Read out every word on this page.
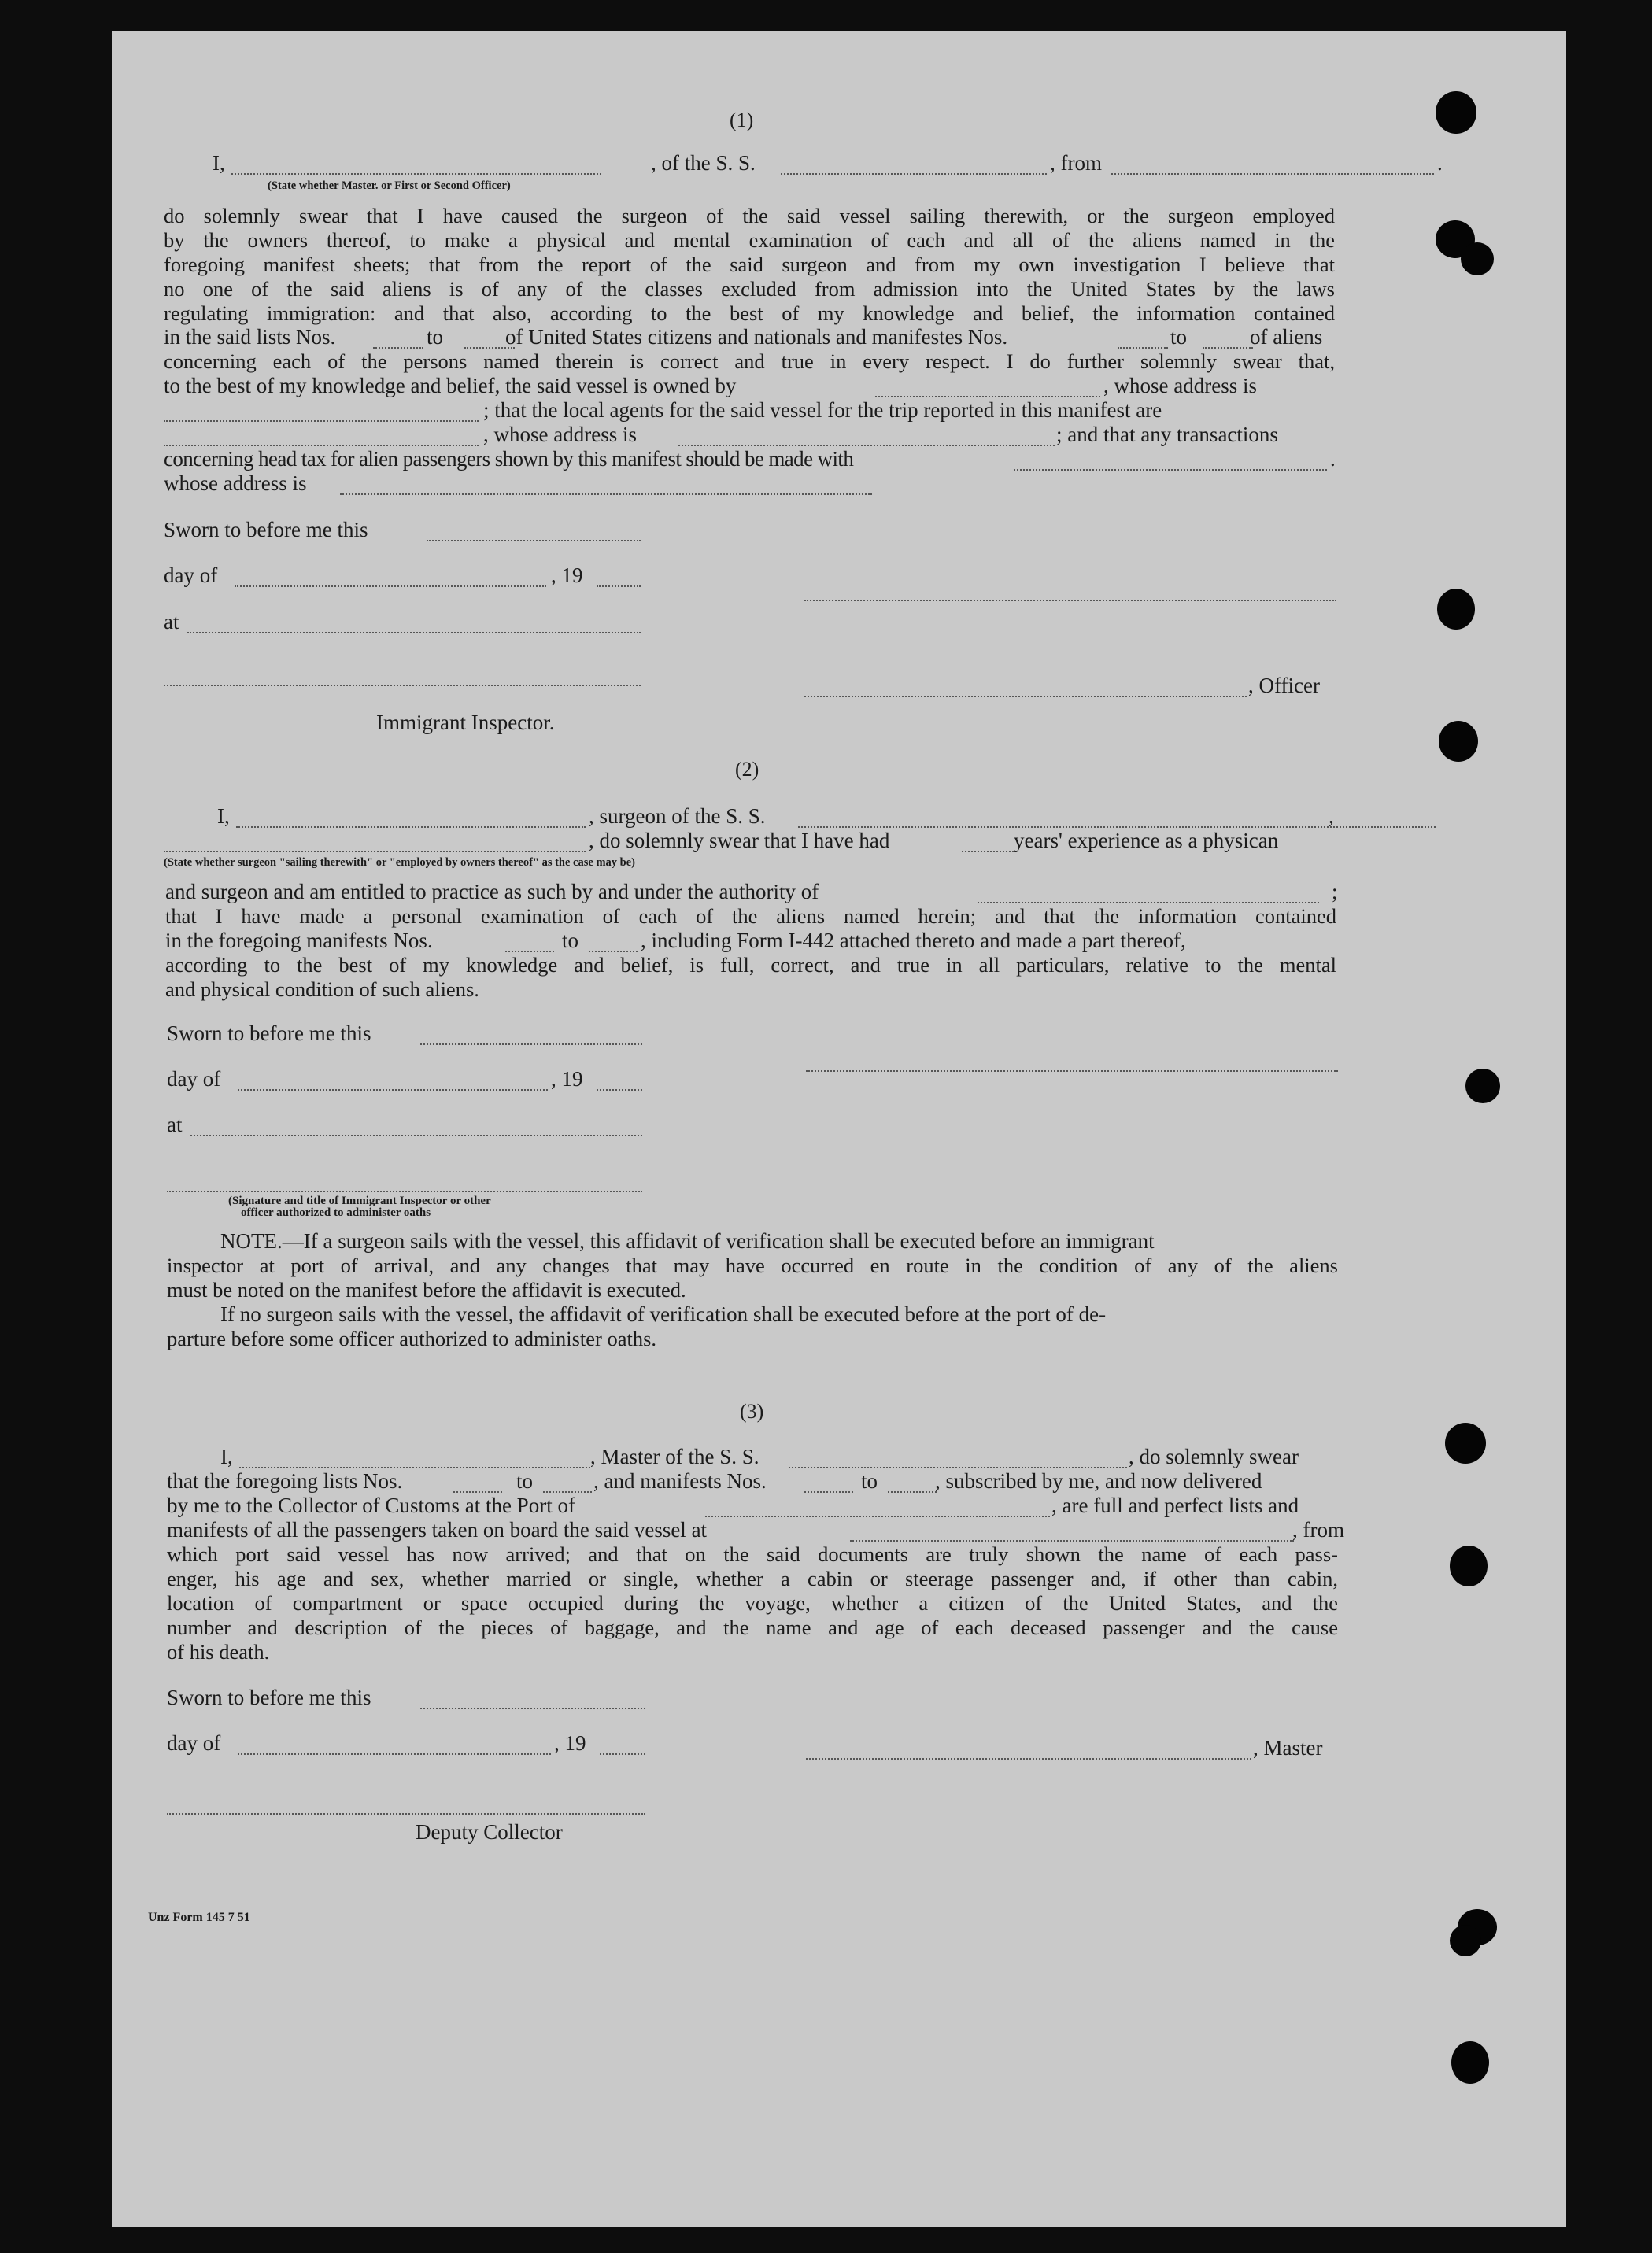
(1)
I,	, of the S. S.	, from	.
(State whether Master. or First or Second Officer)
do solemnly swear that I have caused the surgeon of the said vessel sailing therewith, or the surgeon employed
by the owners thereof, to make a physical and mental examination of each and all of the aliens named in the
foregoing manifest sheets; that from the report of the said surgeon and from my own investigation I believe that
no one of the said aliens is of any of the classes excluded from admission into the United States by the laws
regulating immigration: and that also, according to the best of my knowledge and belief, the information contained
in the said lists Nos.	to	of United States citizens and nationals and manifestes Nos.	to	of aliens
concerning each of the persons named therein is correct and true in every respect. I do further solemnly swear that,
to the best of my knowledge and belief, the said vessel is owned by	, whose address is
; that the local agents for the said vessel for the trip reported in this manifest are
, whose address is	; and that any transactions
concerning head tax for alien passengers shown by this manifest should be made with	.
whose address is
Sworn to before me this
day of	, 19
at
, Officer
Immigrant Inspector.
(2)
I,	, surgeon of the S. S.	,
, do solemnly swear that I have had	years' experience as a physican
(State whether surgeon "sailing therewith" or "employed by owners thereof" as the case may be)
and surgeon and am entitled to practice as such by and under the authority of	;
that I have made a personal examination of each of the aliens named herein; and that the information contained
in the foregoing manifests Nos.	to	, including Form I-442 attached thereto and made a part thereof,
according to the best of my knowledge and belief, is full, correct, and true in all particulars, relative to the mental
and physical condition of such aliens.
Sworn to before me this
day of	, 19
at
(Signature and title of Immigrant Inspector or other
officer authorized to administer oaths
NOTE.—If a surgeon sails with the vessel, this affidavit of verification shall be executed before an immigrant
inspector at port of arrival, and any changes that may have occurred en route in the condition of any of the aliens
must be noted on the manifest before the affidavit is executed.
If no surgeon sails with the vessel, the affidavit of verification shall be executed before at the port of de-
parture before some officer authorized to administer oaths.
(3)
I,	, Master of the S. S.	, do solemnly swear
that the foregoing lists Nos.	to	, and manifests Nos.	to	, subscribed by me, and now delivered
by me to the Collector of Customs at the Port of	, are full and perfect lists and
manifests of all the passengers taken on board the said vessel at	, from
which port said vessel has now arrived; and that on the said documents are truly shown the name of each pass-
enger, his age and sex, whether married or single, whether a cabin or steerage passenger and, if other than cabin,
location of compartment or space occupied during the voyage, whether a citizen of the United States, and the
number and description of the pieces of baggage, and the name and age of each deceased passenger and the cause
of his death.
Sworn to before me this
day of	, 19	, Master
Deputy Collector
Unz Form 145 7 51
